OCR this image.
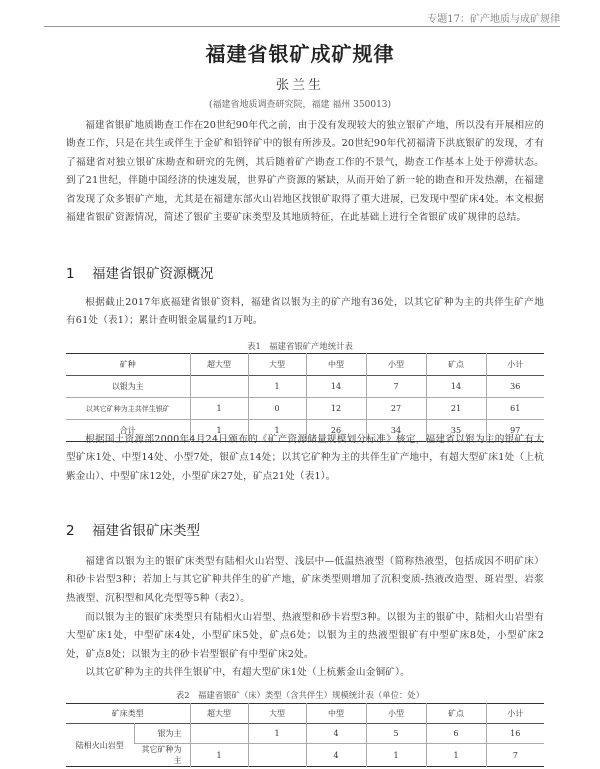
专题17：矿产地质与成矿规律
福建省银矿成矿规律
张兰生
(福建省地质调查研究院，福建 福州 350013)

福建省银矿地质勘查工作在20世纪90年代之前，由于没有发现较大的独立银矿产地，所以没有开展相应的勘查工作，只是在共生或伴生于金矿和铅锌矿中的银有所涉及。20世纪90年代初福清下洪底银矿的发现，才有了福建省对独立银矿床勘查和研究的先例，其后随着矿产勘查工作的不景气，勘查工作基本上处于停滞状态。到了21世纪，伴随中国经济的快速发展，世界矿产资源的紧缺，从而开始了新一轮的勘查和开发热潮，在福建省发现了众多银矿产地，尤其是在福建东部火山岩地区找银矿取得了重大进展，已发现中型矿床4处。本文根据福建省银矿资源情况，简述了银矿主要矿床类型及其地质特征，在此基础上进行全省银矿成矿规律的总结。

1 福建省银矿资源概况

根据截止2017年底福建省银矿资料，福建省以银为主的矿产地有36处，以其它矿种为主的共伴生矿产地有61处（表1）；累计查明银金属量约1万吨。

表1　福建省银矿产地统计表
矿种	超大型	大型	中型	小型	矿点	小计
以银为主		1	14	7	14	36
以其它矿种为主共伴生银矿	1	0	12	27	21	61
合计	1	1	26	34	35	97

根据国土资源部2000年4月24日颁布的《矿产资源储量规模划分标准》核定，福建省以银为主的银矿有大型矿床1处、中型14处、小型7处，银矿点14处；以其它矿种为主的共伴生矿产地中，有超大型矿床1处（上杭紫金山）、中型矿床12处，小型矿床27处，矿点21处（表1）。

2 福建省银矿床类型

福建省以银为主的银矿床类型有陆相火山岩型、浅层中—低温热液型（简称热液型，包括成因不明矿床）和砂卡岩型3种；若加上与其它矿种共伴生的矿产地，矿床类型则增加了沉积变质-热液改造型、斑岩型、岩浆热液型、沉积型和风化壳型等5种（表2）。

而以银为主的银矿床类型只有陆相火山岩型、热液型和砂卡岩型3种。以银为主的银矿中，陆相火山岩型有大型矿床1处，中型矿床4处，小型矿床5处，矿点6处；以银为主的热液型银矿有中型矿床8处，小型矿床2处，矿点8处；以银为主的砂卡岩型银矿有中型矿床2处。

以其它矿种为主的共伴生银矿中，有超大型矿床1处（上杭紫金山金铜矿）。

表2　福建省银矿（床）类型（含共伴生）规模统计表（单位：处）
矿床类型		超大型	大型	中型	小型	矿点	小计
陆相火山岩型	银为主		1	4	5	6	16
	其它矿种为主	1		4	1	1	7
